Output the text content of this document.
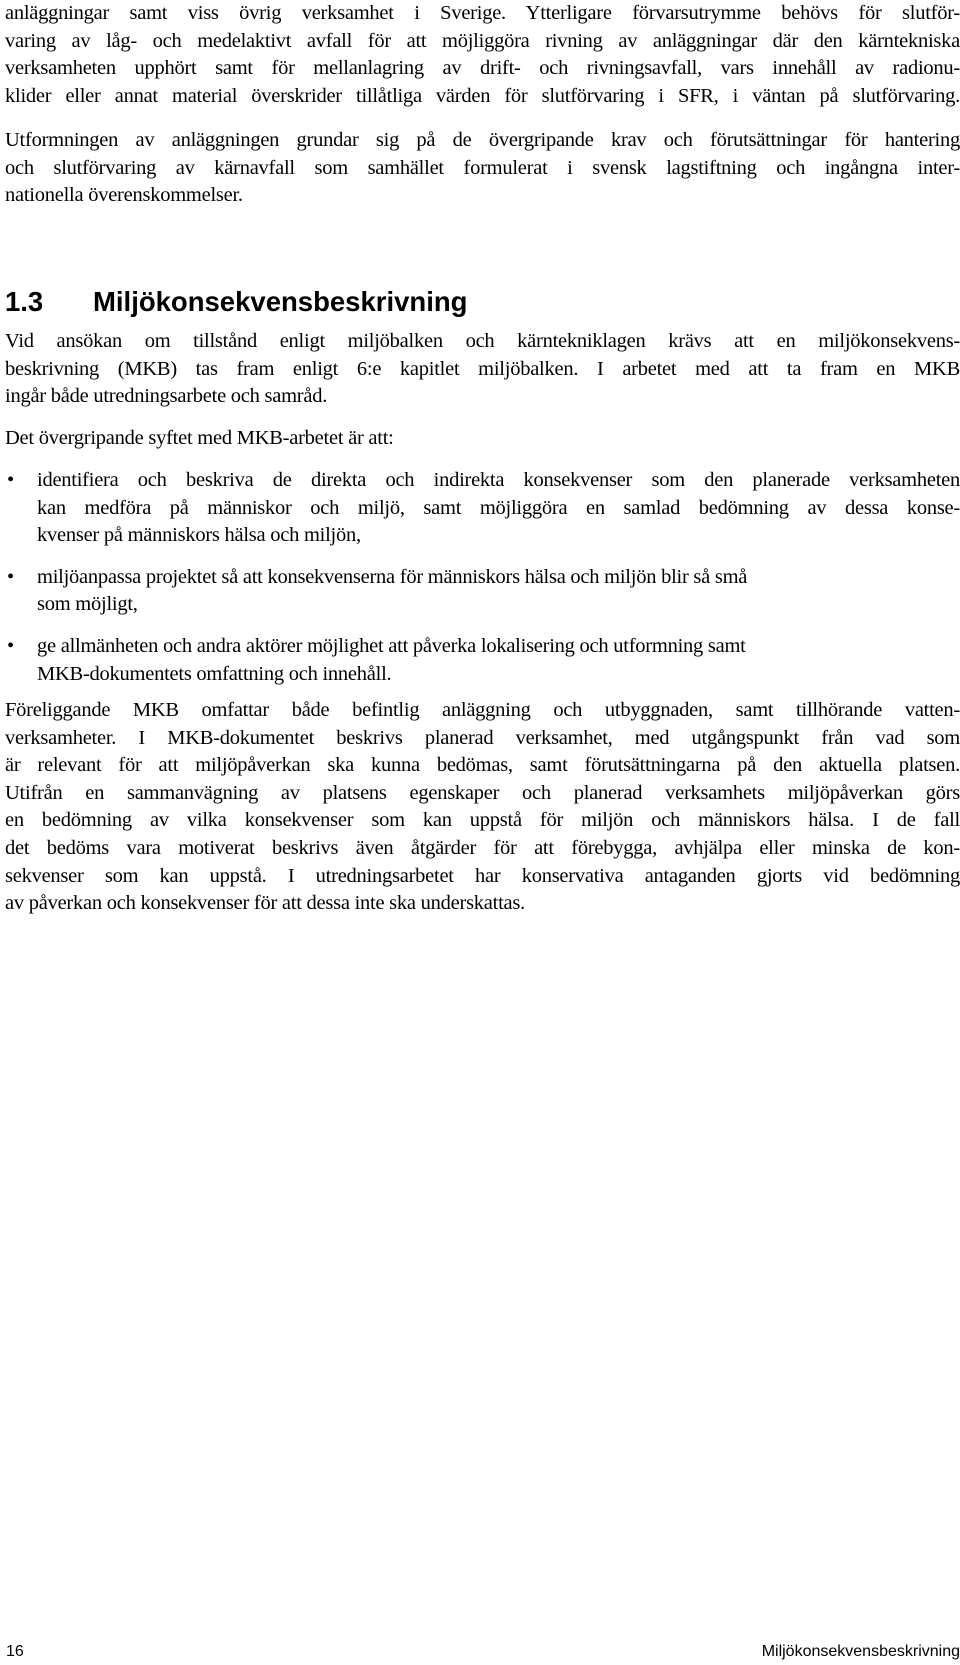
anläggningar samt viss övrig verksamhet i Sverige. Ytterligare förvarsutrymme behövs för slutför-
varing av låg- och medelaktivt avfall för att möjliggöra rivning av anläggningar där den kärntekniska
verksamheten upphört samt för mellanlagring av drift- och rivningsavfall, vars innehåll av radionu-
klider eller annat material överskrider tillåtliga värden för slutförvaring i SFR, i väntan på slutförvaring.
Utformningen av anläggningen grundar sig på de övergripande krav och förutsättningar för hantering
och slutförvaring av kärnavfall som samhället formulerat i svensk lagstiftning och ingångna inter-
nationella överenskommelser.
1.3 Miljökonsekvensbeskrivning
Vid ansökan om tillstånd enligt miljöbalken och kärntekniklagen krävs att en miljökonsekvens-
beskrivning (MKB) tas fram enligt 6:e kapitlet miljöbalken. I arbetet med att ta fram en MKB
ingår både utredningsarbete och samråd.
Det övergripande syftet med MKB-arbetet är att:
• identifiera och beskriva de direkta och indirekta konsekvenser som den planerade verksamheten
kan medföra på människor och miljö, samt möjliggöra en samlad bedömning av dessa konse-
kvenser på människors hälsa och miljön,
• miljöanpassa projektet så att konsekvenserna för människors hälsa och miljön blir så små
som möjligt,
• ge allmänheten och andra aktörer möjlighet att påverka lokalisering och utformning samt
MKB-dokumentets omfattning och innehåll.
Föreliggande MKB omfattar både befintlig anläggning och utbyggnaden, samt tillhörande vatten-
verksamheter. I MKB-dokumentet beskrivs planerad verksamhet, med utgångspunkt från vad som
är relevant för att miljöpåverkan ska kunna bedömas, samt förutsättningarna på den aktuella platsen.
Utifrån en sammanvägning av platsens egenskaper och planerad verksamhets miljöpåverkan görs
en bedömning av vilka konsekvenser som kan uppstå för miljön och människors hälsa. I de fall
det bedöms vara motiverat beskrivs även åtgärder för att förebygga, avhjälpa eller minska de kon-
sekvenser som kan uppstå. I utredningsarbetet har konservativa antaganden gjorts vid bedömning
av påverkan och konsekvenser för att dessa inte ska underskattas.
16	Miljökonsekvensbeskrivning
